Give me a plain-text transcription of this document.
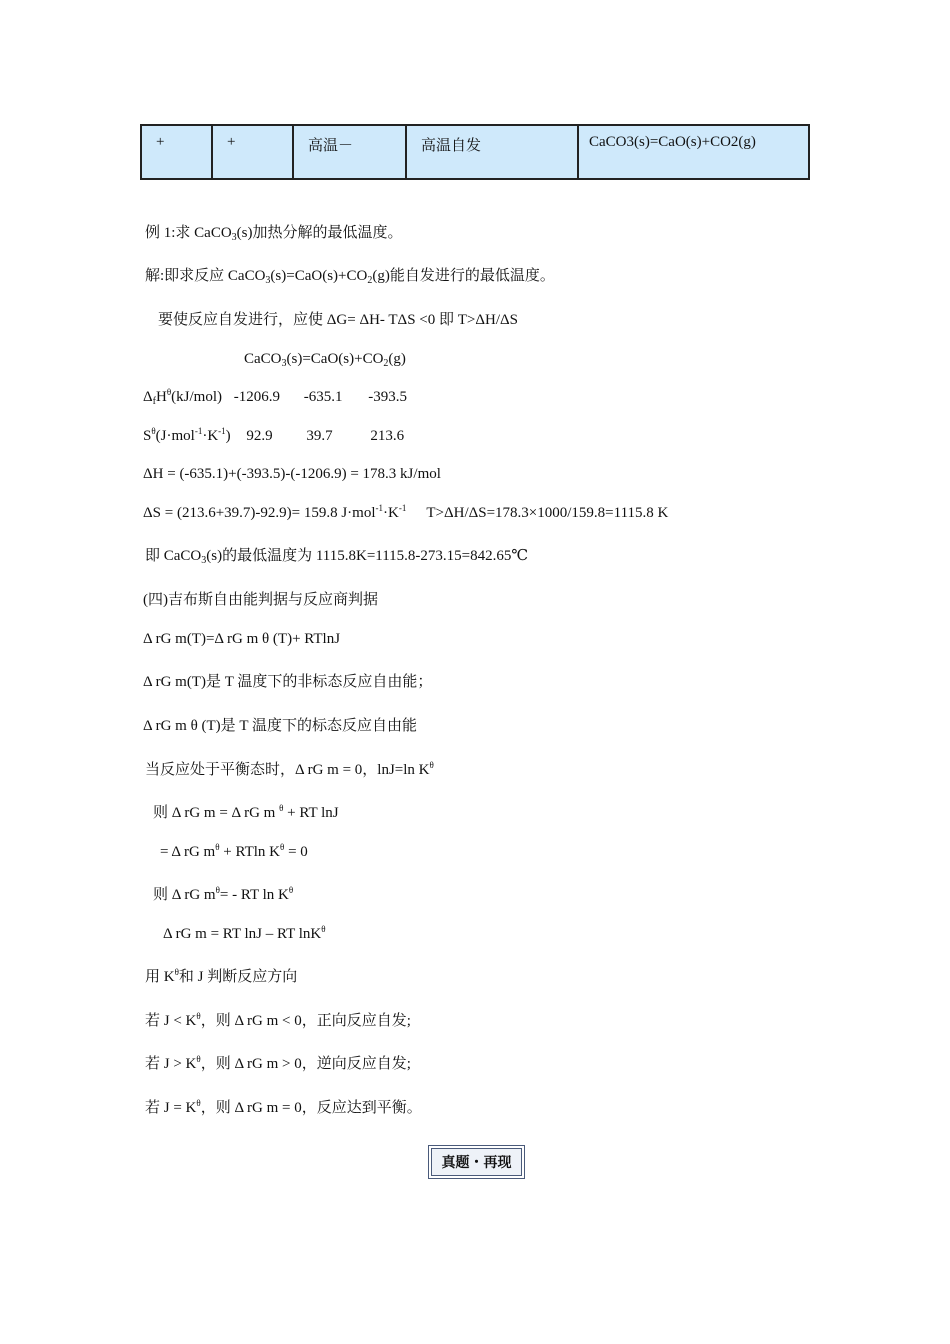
+	+	高温－	高温自发	CaCO3(s)=CaO(s)+CO2(g)
例 1:求 CaCO$_3$(s)加热分解的最低温度。
解:即求反应 $CaCO_3(s)=CaO(s)+CO_2(g)$能自发进行的最低温度。
要使反应自发进行，应使 ΔG= ΔH- TΔS <0 即 T>ΔH/ΔS
$CaCO_3(s)=CaO(s)+CO_2(g)$
$\Delta_fH^\theta(kJ/mol)$ -1206.9 -635.1 -393.5
$S^\theta(J\cdot mol^{-1}\cdot K^{-1})$ 92.9 39.7	213.6
ΔH = (-635.1)+(-393.5)-(-1206.9) = 178.3 kJ/mol
ΔS = (213.6+39.7)-92.9)= 159.8 $J\cdot mol^{-1}\cdot K^{-1}$ T>ΔH/ΔS=178.3×1000/159.8=1115.8 K
即 CaCO$_3$(s)的最低温度为 1115.8K=1115.8-273.15=842.65℃
(四)吉布斯自由能判据与反应商判据
Δ rG m(T)=Δ rG m θ (T)+ RTlnJ
Δ rG m(T)是 T 温度下的非标态反应自由能；
Δ rG m θ (T)是 T 温度下的标态反应自由能
当反应处于平衡态时，Δ rG m = 0，lnJ=ln $K^\theta$
则 Δ rG m = Δ rG m $^\theta$ + RT lnJ
= Δ rG $m^\theta + RTln$ $K^\theta = 0$
则 Δ rG $m^\theta=$ - RT $\ln K^\theta$
Δ rG m = RT lnJ – RT lnK$^\theta$
用 $K^\theta$和 J 判断反应方向
若 $J < K^\theta$，则 Δ rG m < 0，正向反应自发;
若 $J > K^\theta$，则 Δ rG m > 0，逆向反应自发;
若 $J = K^\theta$，则 Δ rG m = 0，反应达到平衡。
真题・再现
